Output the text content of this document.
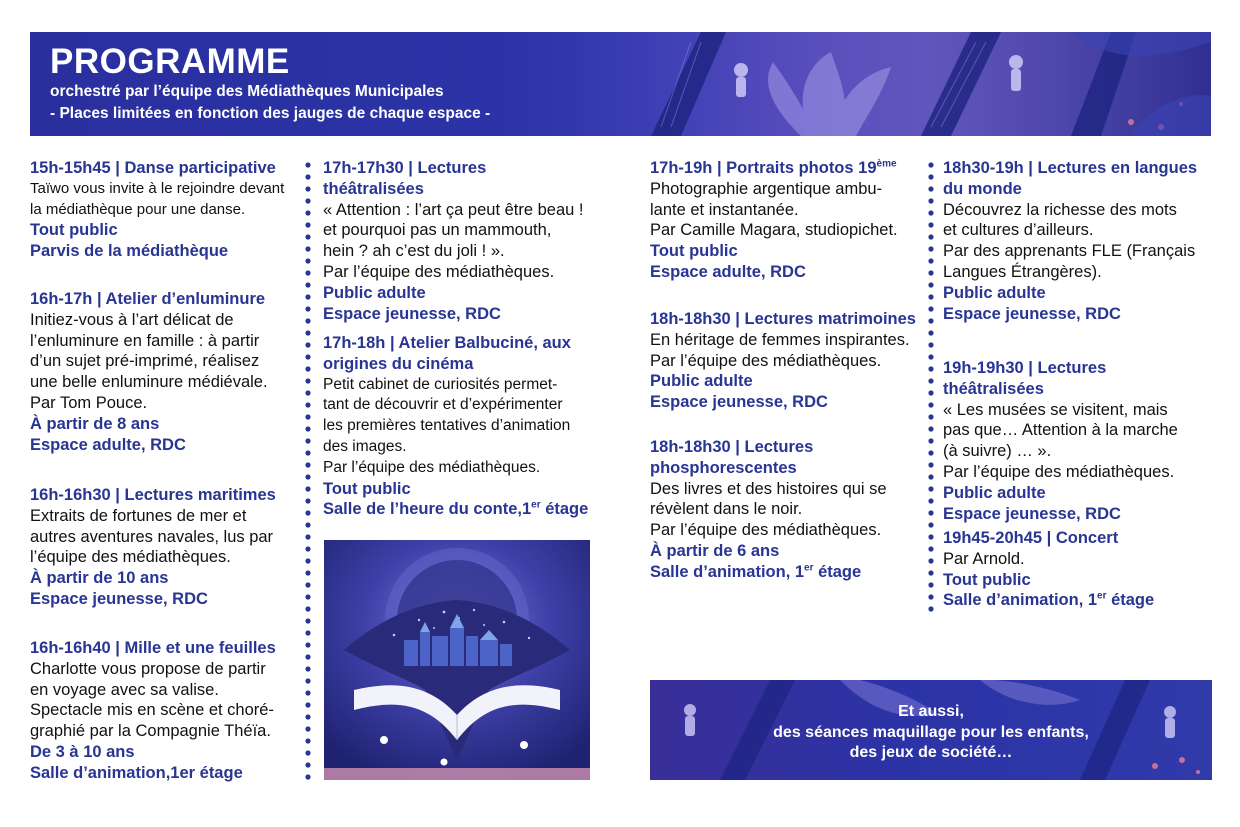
PROGRAMME
orchestré par l’équipe des Médiathèques Municipales
- Places limitées en fonction des jauges de chaque espace -
15h-15h45 | Danse participative
Taïwo vous invite à le rejoindre devant
la médiathèque pour une danse.
Tout public
Parvis de la médiathèque
16h-17h | Atelier d’enluminure
Initiez-vous à l’art délicat de
l’enluminure en famille : à partir
d’un sujet pré-imprimé, réalisez
une belle enluminure médiévale.
Par Tom Pouce.
À partir de 8 ans
Espace adulte, RDC
16h-16h30 | Lectures maritimes
Extraits de fortunes de mer et
autres aventures navales, lus par
l’équipe des médiathèques.
À partir de 10 ans
Espace jeunesse, RDC
16h-16h40 | Mille et une feuilles
Charlotte vous propose de partir
en voyage avec sa valise.
Spectacle mis en scène et choré-
graphié par la Compagnie Théïa.
De 3 à 10 ans
Salle d’animation,1er étage
17h-17h30 | Lectures théâtralisées
« Attention : l’art ça peut être beau !
et pourquoi pas un mammouth,
hein ? ah c’est du joli ! ».
Par l’équipe des médiathèques.
Public adulte
Espace jeunesse, RDC
17h-18h | Atelier Balbuciné, aux
origines du cinéma
Petit cabinet de curiosités permet-
tant de découvrir et d’expérimenter
les premières tentatives d’animation
des images.
Par l’équipe des médiathèques.
Tout public
Salle de l’heure du conte,1er étage
17h-19h | Portraits photos 19ème
Photographie argentique ambu-
lante et instantanée.
Par Camille Magara, studiopichet.
Tout public
Espace adulte, RDC
18h-18h30 | Lectures matrimoines
En héritage de femmes inspirantes.
Par l’équipe des médiathèques.
Public adulte
Espace jeunesse, RDC
18h-18h30 | Lectures
phosphorescentes
Des livres et des histoires qui se
révèlent dans le noir.
Par l’équipe des médiathèques.
À partir de 6 ans
Salle d’animation, 1er étage
18h30-19h | Lectures en langues
du monde
Découvrez la richesse des mots
et cultures d’ailleurs.
Par des apprenants FLE (Français
Langues Étrangères).
Public adulte
Espace jeunesse, RDC
19h-19h30 | Lectures théâtralisées
« Les musées se visitent, mais
pas que… Attention à la marche
(à suivre) … ».
Par l’équipe des médiathèques.
Public adulte
Espace jeunesse, RDC
19h45-20h45 | Concert
Par Arnold.
Tout public
Salle d’animation, 1er étage
Et aussi,
des séances maquillage pour les enfants,
des jeux de société…
